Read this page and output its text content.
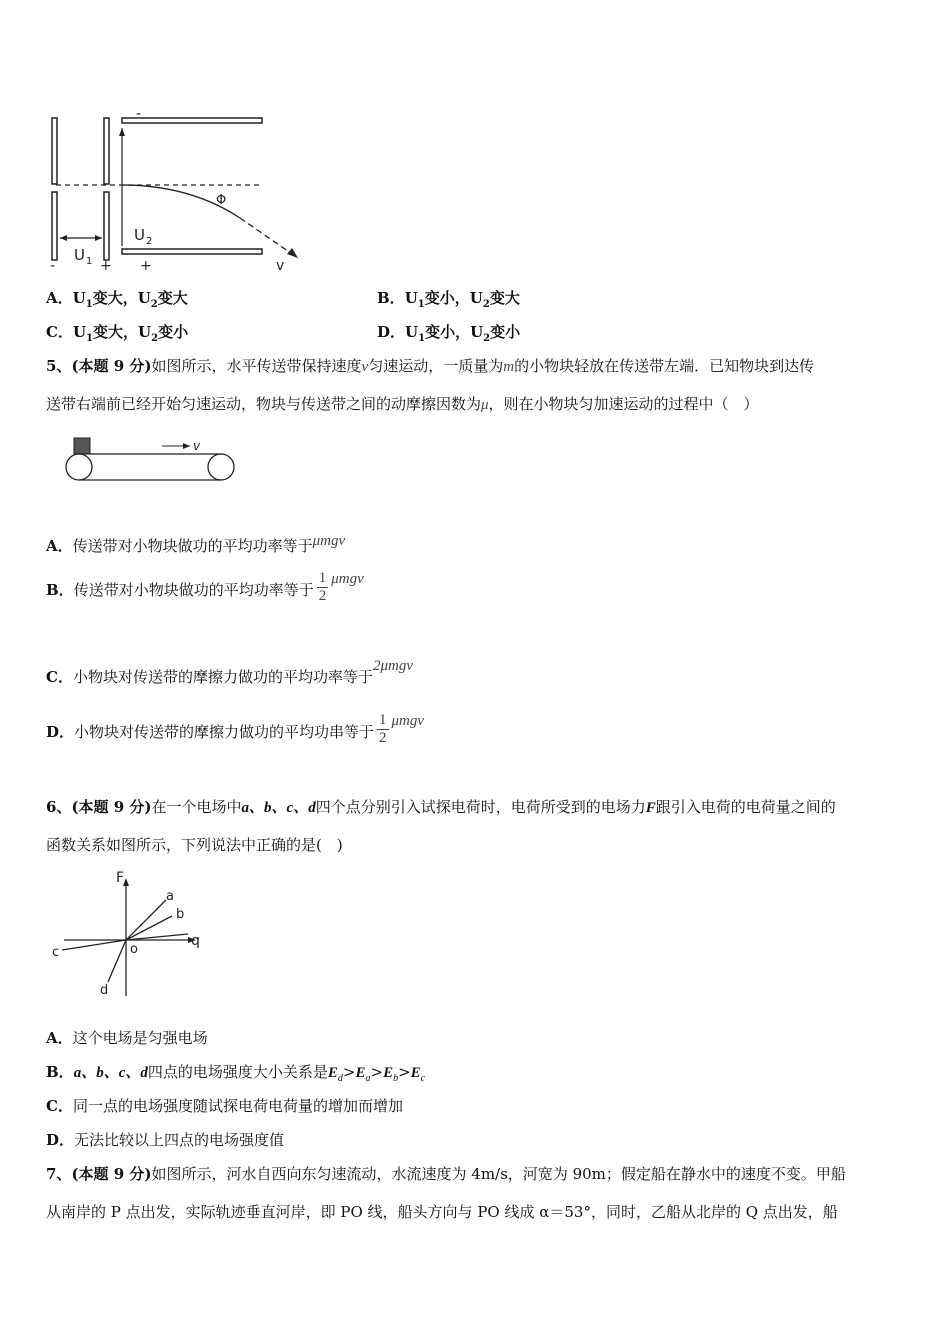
-
-	+ +
U 1
U 2
Φ
v
A．$U_1$变大，$U_2$变大	B．$U_1$变小，$U_2$变大
C．$U_1$变大，$U_2$变小	D．$U_1$变小，$U_2$变小
5、(本题 9 分)如图所示，水平传送带保持速度v匀速运动，一质量为m的小物块轻放在传送带左端．已知物块到达传
送带右端前已经开始匀速运动，物块与传送带之间的动摩擦因数为μ，则在小物块匀加速运动的过程中（　）
v
A．传送带对小物块做功的平均功率等于μmgv
B．传送带对小物块做功的平均功率等于 $\frac{1}{2}$ μmgv
C．小物块对传送带的摩擦力做功的平均功率等于2μmgv
D．小物块对传送带的摩擦力做功的平均功串等于 $\frac{1}{2}$ μmgv
6、(本题 9 分)在一个电场中a、b、c、d四个点分别引入试探电荷时，电荷所受到的电场力F跟引入电荷的电荷量之间的
函数关系如图所示，下列说法中正确的是(　)
F
q
o
a
b
c
d
A．这个电场是匀强电场
B．a、b、c、d四点的电场强度大小关系是$E_d>E_a>E_b>E_c$
C．同一点的电场强度随试探电荷电荷量的增加而增加
D．无法比较以上四点的电场强度值
7、(本题 9 分)如图所示，河水自西向东匀速流动，水流速度为 4m/s，河宽为 90m；假定船在静水中的速度不变。甲船
从南岸的 P 点出发，实际轨迹垂直河岸，即 PO 线，船头方向与 PO 线成 α＝53°，同时，乙船从北岸的 Q 点出发，船
